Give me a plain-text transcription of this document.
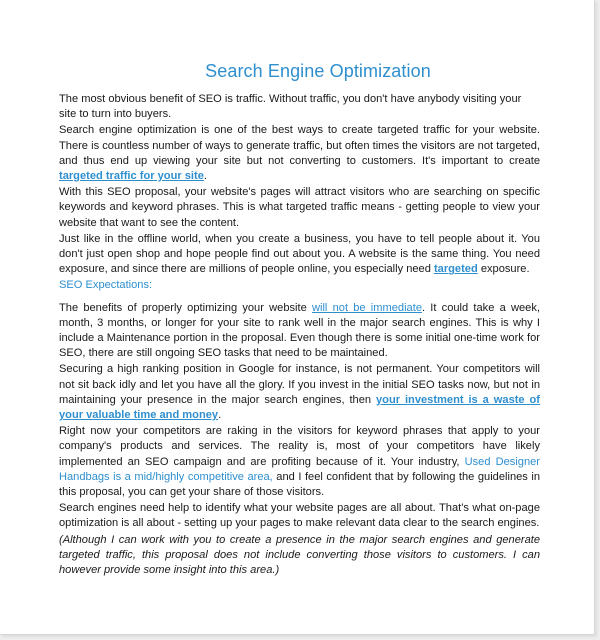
Search Engine Optimization

The most obvious benefit of SEO is traffic. Without traffic, you don't have anybody visiting your site to turn into buyers.

Search engine optimization is one of the best ways to create targeted traffic for your website. There is countless number of ways to generate traffic, but often times the visitors are not targeted, and thus end up viewing your site but not converting to customers. It's important to create targeted traffic for your site.

With this SEO proposal, your website's pages will attract visitors who are searching on specific keywords and keyword phrases. This is what targeted traffic means - getting people to view your website that want to see the content.

Just like in the offline world, when you create a business, you have to tell people about it. You don't just open shop and hope people find out about you. A website is the same thing. You need exposure, and since there are millions of people online, you especially need targeted exposure.

SEO Expectations:

The benefits of properly optimizing your website will not be immediate. It could take a week, month, 3 months, or longer for your site to rank well in the major search engines. This is why I include a Maintenance portion in the proposal. Even though there is some initial one-time work for SEO, there are still ongoing SEO tasks that need to be maintained.

Securing a high ranking position in Google for instance, is not permanent. Your competitors will not sit back idly and let you have all the glory. If you invest in the initial SEO tasks now, but not in maintaining your presence in the major search engines, then your investment is a waste of your valuable time and money.

Right now your competitors are raking in the visitors for keyword phrases that apply to your company's products and services. The reality is, most of your competitors have likely implemented an SEO campaign and are profiting because of it. Your industry, Used Designer Handbags is a mid/highly competitive area, and I feel confident that by following the guidelines in this proposal, you can get your share of those visitors.

Search engines need help to identify what your website pages are all about. That's what on-page optimization is all about - setting up your pages to make relevant data clear to the search engines.

(Although I can work with you to create a presence in the major search engines and generate targeted traffic, this proposal does not include converting those visitors to customers. I can however provide some insight into this area.)
